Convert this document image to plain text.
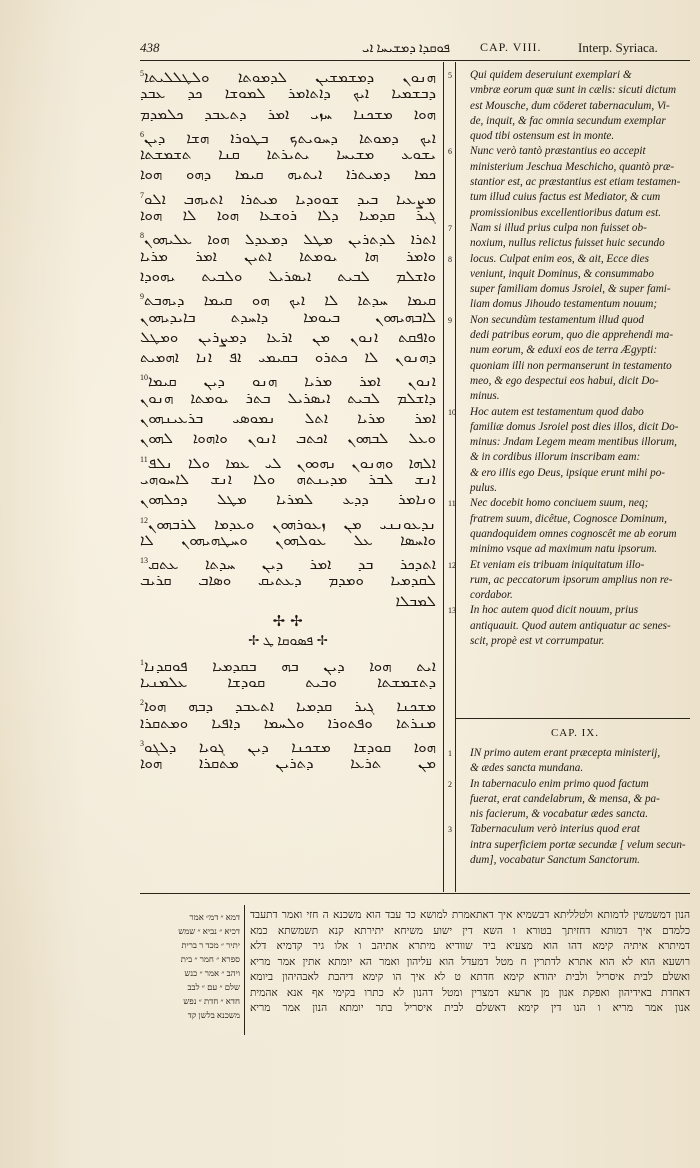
438	ܦܘܩܕܐ ܕܡܫܝܚܐ ܐܝ	CAP. VIII.	Interp. Syriaca.
ܗܢܘܢ ܕܡܫܡܫܝܢ ܠܕܡܘܬܐ ܘܠܛܠܠܝܬܐ$^5$
ܕܒܫܡܝܐ ܐܝܟ ܕܐܬܐܡܪ ܠܡܘܫܐ ܟܕ ܥܒܕ
ܗܘܐ ܡܫܟܢܐ ܚܙܝ ܐܡܪ ܕܬܥܒܕ ܟܠܡܕܡ
ܐܝܟ ܕܡܘܬܐ ܕܚܘܝܬܟ ܒܛܘܪܐ ܗܫܐ ܕܝܢ$^6$
ܝܫܘܥ ܡܫܝܚܐ ܝܬܝܪܬܐ ܩܢܐ ܬܫܡܫܬܐ
ܟܡܐ ܕܡܝܬܪܐ ܐܝܬܝܗ ܩܝܡܐ ܕܗܘ ܗܘܐ
ܡܨܥܝܐ ܒܝܕ ܫܘܘܕܝܐ ܡܝܬܪܐ ܐܬܝܗܒ ܐܠܘ$^7$
ܓܝܪ ܩܕܡܝܐ ܕܠܐ ܪܘܫܥܐ ܗܘܐ ܠܐ ܗܘܐ
ܐܬܪܐ ܠܕܬܪܝܢ ܡܛܠ ܕܡܥܕܠ ܗܘܐ ܥܠܝܗܘܢ$^8$
ܘܐܡܪ ܗܐ ܝܘܡܬܐ ܐܬܝܢ ܐܡܪ ܡܪܝܐ
ܘܐܫܠܡ ܠܒܝܬ ܐܝܣܪܝܠ ܘܠܒܝܬ ܝܗܘܕܐ
ܩܝܡܐ ܚܕܬܐ ܠܐ ܐܝܟ ܗܘ ܩܝܡܐ ܕܝܗܒܬ$^9$
ܠܐܒܗܝܗܘܢ ܒܝܘܡܐ ܕܐܚܕܬ ܒܐܝܕܝܗܘܢ
ܘܐܦܩܬ ܐܢܘܢ ܡܢ ܐܪܥܐ ܕܡܨܪܝܢ ܘܡܛܠ
ܕܗܢܘܢ ܠܐ ܟܬܪܘ ܒܩܝܡܝ ܐܦ ܐܢܐ ܐܗܡܝܬ
ܐܢܘܢ ܐܡܪ ܡܪܝܐ ܗܢܘ ܕܝܢ ܩܝܡܐ$^{10}$
ܕܐܫܠܡ ܠܒܝܬ ܐܝܣܪܝܠ ܒܬܪ ܝܘܡܬܐ ܗܢܘܢ
ܐܡܪ ܡܪܝܐ ܐܬܠ ܢܡܘܣܝ ܒܪܥܝܢܗܘܢ
ܘܥܠ ܠܒܗܘܢ ܐܟܬܒ ܐܢܘܢ ܘܐܗܘܐ ܠܗܘܢ
ܐܠܗܐ ܘܗܢܘܢ ܢܗܘܘܢ ܠܝ ܥܡܐ ܘܠܐ ܢܠܦ$^{11}$
ܐܢܫ ܠܒܪ ܡܕܝܢܬܗ ܘܠܐ ܐܢܫ ܠܐܚܘܗܝ
ܘܢܐܡܪ ܕܕܥ ܠܡܪܝܐ ܡܛܠ ܕܟܠܗܘܢ
ܢܕܥܘܢܢܝ ܡܢ ܙܥܘܪܗܘܢ ܘܥܕܡܐ ܠܪܒܗܘܢ$^{12}$
ܘܐܚܣܐ ܥܠ ܥܘܠܗܘܢ ܘܚܛܗܝܗܘܢ ܠܐ
ܐܬܕܟܪ ܒܕ ܐܡܪ ܕܝܢ ܚܕܬܐ ܥܬܩ$^{13}$
ܠܩܕܡܝܐ ܘܡܕܡ ܕܥܬܝܩ ܘܣܐܒ ܩܪܝܒ
ܠܡܒܠܐ
✢ ✢
✢ ܦܣܘܩܐ ܛ ✢
ܐܝܬ ܗܘܐ ܕܝܢ ܒܗ ܒܩܕܡܝܐ ܦܘܩܕܢܐ$^1$
ܕܬܫܡܫܬܐ ܘܒܝܬ ܩܘܕܫܐ ܥܠܡܢܝܐ
ܡܫܟܢܐ ܓܝܪ ܩܕܡܝܐ ܐܬܥܒܕ ܕܒܗ ܗܘܐ$^2$
ܡܢܪܬܐ ܘܦܬܘܪܐ ܘܠܚܡܐ ܕܐܦܝܐ ܘܡܬܩܪܐ
ܗܘܐ ܩܘܕܫܐ ܡܫܟܢܐ ܕܝܢ ܓܘܝܐ ܕܠܓܘ$^3$
ܡܢ ܬܪܥܐ ܕܬܪܝܢ ܡܬܩܪܐ ܗܘܐ
5	Qui quidem deseruiunt exemplari &
vmbræ eorum quæ sunt in cælis: sicuti dictum
est Mousche, dum cöderet tabernaculum, Vi-
de, inquit, & fac omnia secundum exemplar
quod tibi ostensum est in monte.
6	Nunc verò tantò præstantius eo accepit
ministerium Jeschua Meschicho, quantò præ-
stantior est, ac præstantius est etiam testamen-
tum illud cuius factus est Mediator, & cum
promissionibus excellentioribus datum est.
7	Nam si illud prius culpa non fuisset ob-
noxium, nullus relictus fuisset huic secundo
8	locus. Culpat enim eos, & ait, Ecce dies
veniunt, inquit Dominus, & consummabo
super familiam domus Jsroiel, & super fami-
liam domus Jihoudo testamentum nouum;
9	Non secundùm testamentum illud quod
dedi patribus eorum, quo die apprehendi ma-
num eorum, & eduxi eos de terra Ægypti:
quoniam illi non permanserunt in testamento
meo, & ego despectui eos habui, dicit Do-
minus.
10	Hoc autem est testamentum quod dabo
familiæ domus Jsroiel post dies illos, dicit Do-
minus: Jndam Legem meam mentibus illorum,
& in cordibus illorum inscribam eam:
& ero illis ego Deus, ipsique erunt mihi po-
pulus.
11	Nec docebit homo conciuem suum, neq;
fratrem suum, dicêtue, Cognosce Dominum,
quandoquidem omnes cognoscêt me ab eorum
minimo vsque ad maximum natu ipsorum.
12	Et veniam eis tribuam iniquitatum illo-
rum, ac peccatorum ipsorum amplius non re-
cordabor.
13	In hoc autem quod dicit nouum, prius
antiquauit. Quod autem antiquatur ac senes-
scit, propè est vt corrumpatur.
CAP. IX.
1	IN primo autem erant præcepta ministerij,
& ædes sancta mundana.
2	In tabernaculo enim primo quod factum
fuerat, erat candelabrum, & mensa, & pa-
nis facierum, & vocabatur ædes sancta.
3	Tabernaculum verò interius quod erat
intra superficiem portæ secundæ [ velum secun-
dum], vocabatur Sanctum Sanctorum.
דמא ״ דמ״ אמר
דכיא ״ נביא ״ שמש
יתיר ״ מכד ר ברית
ספרא ״ חמר ״ בית
ויהב ״ אמר ״ כנש
שלם ״ עם ״ לבב
חדא ״ חדת ״ נפש
משכנא בלשן קד
הנון דמשמשין לדמותא ולטלליתא דבשמיא איך דאתאמרת למושא כד עבד הוא משכנא ה חזי ואמר דתעבד
כלמדם איך דמותא דחזיתך בטורא ו השא דין ישוע משיחא יתירתא קנא תשמשתא כמא
דמיתרא איתיה קימא דהו הוא מצעיא ביד שוודיא מיתרא אתיהב ו אלו גיר קדמיא דלא
רושעא הוא לא הוא אתרא לדתרין ח מטל דמעדל הוא עליהון ואמר הא יומתא אתין אמר מריא
ואשלם לבית איסריל ולבית יהודא קימא חדתא ט לא איך הו קימא דיהבת לאבהיהון ביומא
דאחדת באידיהון ואפקת אנון מן ארעא דמצרין ומטל דהנון לא כתרו בקימי אף אנא אהמית
אנון אמר מריא ו הנו דין קימא דאשלם לבית איסריל בתר יומתא הנון אמר מריא
